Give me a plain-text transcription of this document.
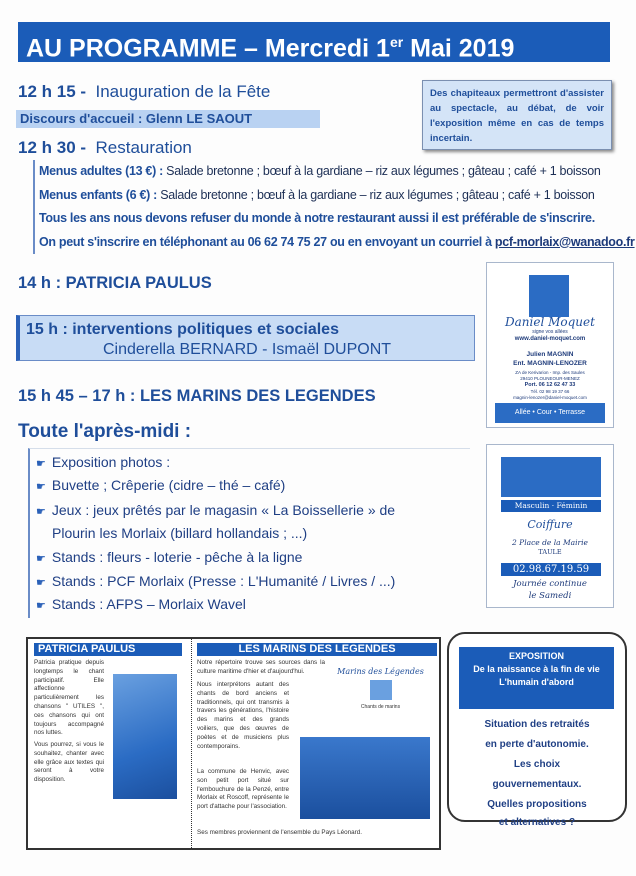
AU PROGRAMME – Mercredi 1er Mai 2019
12 h 15 - Inauguration de la Fête
Discours d'accueil : Glenn LE SAOUT
Des chapiteaux permettront d'assister au spectacle, au débat, de voir l'exposition même en cas de temps incertain.
12 h 30 - Restauration
Menus adultes (13 €) : Salade bretonne ; bœuf à la gardiane – riz aux légumes ; gâteau ; café + 1 boisson
Menus enfants (6 €) : Salade bretonne ; bœuf à la gardiane – riz aux légumes ; gâteau ; café + 1 boisson
Tous les ans nous devons refuser du monde à notre restaurant aussi il est préférable de s'inscrire.
On peut s'inscrire en téléphonant au 06 62 74 75 27 ou en envoyant un courriel à pcf-morlaix@wanadoo.fr
14 h : PATRICIA PAULUS
15 h : interventions politiques et sociales
Cinderella BERNARD - Ismaël DUPONT
15 h 45 – 17 h : LES MARINS DES LEGENDES
Toute l'après-midi :
☛ Exposition photos :
☛ Buvette ; Crêperie (cidre – thé – café)
☛ Jeux : jeux prêtés par le magasin « La Boissellerie » de
Plourin les Morlaix (billard hollandais ; ...)
☛ Stands : fleurs - loterie - pêche à la ligne
☛ Stands : PCF Morlaix (Presse : L'Humanité / Livres / ...)
☛ Stands : AFPS – Morlaix Wavel
Daniel Moquet
signe vos allées
www.daniel-moquet.com
Julien MAGNIN
Ent. MAGNIN-LENOZER
ZA de Kerivarion - Imp. des Saules
29410 PLOUNEOUR-MENEZ
Port. 06 12 62 47 33
Tél. 02 98 19 37 66
magnin-lenozer@daniel-moquet.com
Allée • Cour • Terrasse
Masculin · Féminin
Coiffure
2 Place de la Mairie
TAULE
02.98.67.19.59
Journée continue
le Samedi
PATRICIA PAULUS
Patricia pratique depuis longtemps le chant participatif. Elle affectionne particulièrement les chansons " UTILES ", ces chansons qui ont toujours accompagné nos luttes.
Vous pourrez, si vous le souhaitez, chanter avec elle grâce aux textes qui seront à votre disposition.
LES MARINS DES LEGENDES
Notre répertoire trouve ses sources dans la culture maritime d'hier et d'aujourd'hui.
Nous interprétons autant des chants de bord anciens et traditionnels, qui ont transmis à travers les générations, l'histoire des marins et des grands voiliers, que des œuvres de poètes et de musiciens plus contemporains.
La commune de Henvic, avec son petit port situé sur l'embouchure de la Penzé, entre Morlaix et Roscoff, représente le port d'attache pour l'association.
Ses membres proviennent de l'ensemble du Pays Léonard.
Marins des Légendes
Chants de marins
EXPOSITION
De la naissance à la fin de vie
L'humain d'abord
Situation des retraités
en perte d'autonomie.
Les choix
gouvernementaux.
Quelles propositions
et alternatives ?
